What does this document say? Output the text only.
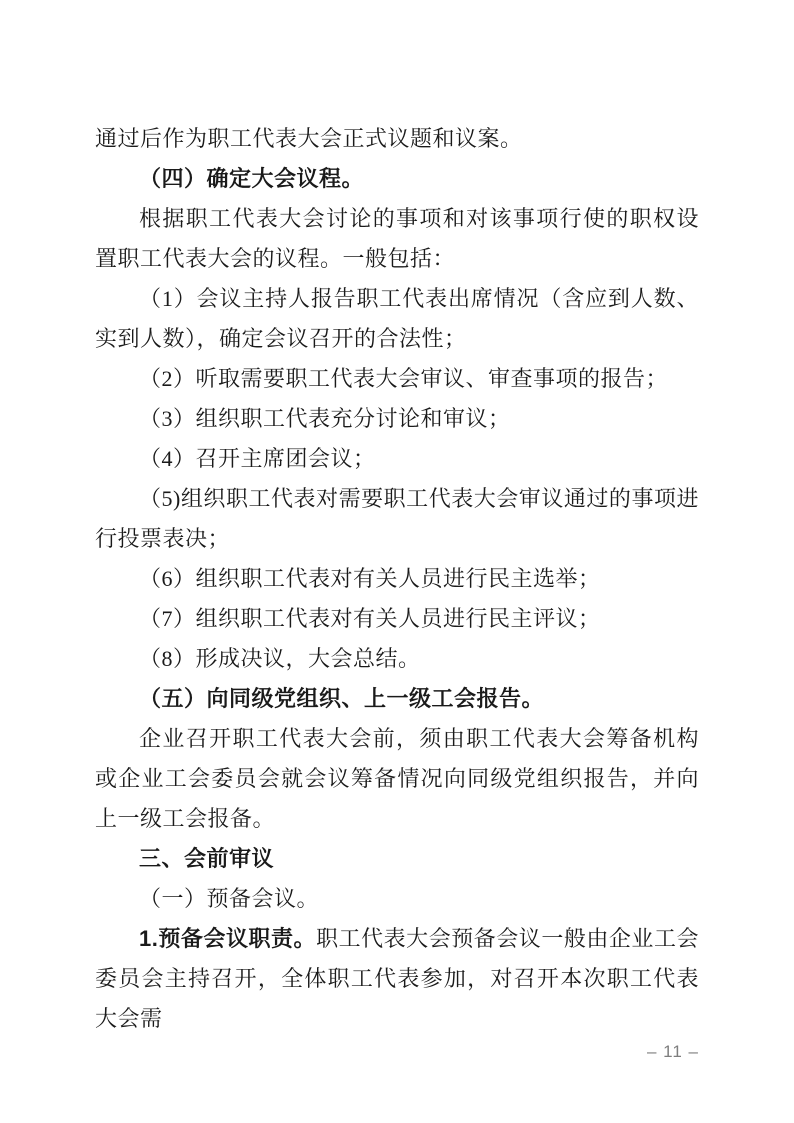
通过后作为职工代表大会正式议题和议案。

（四）确定大会议程。

根据职工代表大会讨论的事项和对该事项行使的职权设置职工代表大会的议程。一般包括：

（1）会议主持人报告职工代表出席情况（含应到人数、实到人数），确定会议召开的合法性；

（2）听取需要职工代表大会审议、审查事项的报告；

（3）组织职工代表充分讨论和审议；

（4）召开主席团会议；

（5)组织职工代表对需要职工代表大会审议通过的事项进行投票表决；

（6）组织职工代表对有关人员进行民主选举；

（7）组织职工代表对有关人员进行民主评议；

（8）形成决议，大会总结。

（五）向同级党组织、上一级工会报告。

企业召开职工代表大会前，须由职工代表大会筹备机构或企业工会委员会就会议筹备情况向同级党组织报告，并向上一级工会报备。

三、会前审议

（一）预备会议。

1.预备会议职责。职工代表大会预备会议一般由企业工会委员会主持召开，全体职工代表参加，对召开本次职工代表大会需

– 11 –
